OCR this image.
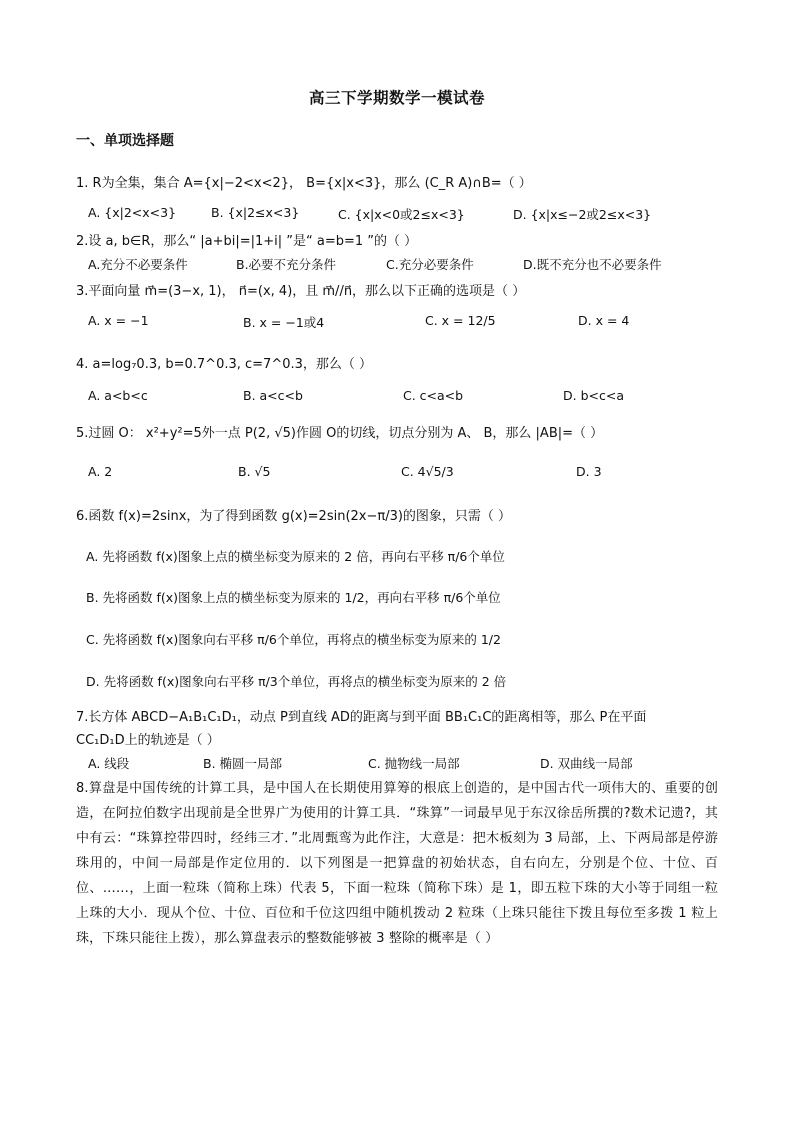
高三下学期数学一模试卷
一、单项选择题
1. R为全集，集合 A={x|−2<x<2}， B={x|x<3}，那么 (C_R A)∩B=（ ）
A. {x|2<x<3}	B. {x|2≤x<3}	C. {x|x<0或2≤x<3}	D. {x|x≤−2或2≤x<3}
2.设 a, b∈R，那么“ |a+bi|=|1+i| ”是“ a=b=1 ”的（ ）
A.充分不必要条件	B.必要不充分条件	C.充分必要条件	D.既不充分也不必要条件
3.平面向量 m⃗=(3−x, 1)， n⃗=(x, 4)，且 m⃗//n⃗，那么以下正确的选项是（ ）
A. x = −1	B. x = −1或4	C. x = 12/5	D. x = 4
4. a=log₇0.3, b=0.7^0.3, c=7^0.3，那么（ ）
A. a<b<c	B. a<c<b	C. c<a<b	D. b<c<a
5.过圆 O： x²+y²=5外一点 P(2, √5)作圆 O的切线，切点分别为 A、 B，那么 |AB|=（ ）
A. 2	B. √5	C. 4√5/3	D. 3
6.函数 f(x)=2sinx，为了得到函数 g(x)=2sin(2x−π/3)的图象，只需（ ）
A. 先将函数 f(x)图象上点的横坐标变为原来的 2 倍，再向右平移 π/6个单位
B. 先将函数 f(x)图象上点的横坐标变为原来的 1/2，再向右平移 π/6个单位
C. 先将函数 f(x)图象向右平移 π/6个单位，再将点的横坐标变为原来的 1/2
D. 先将函数 f(x)图象向右平移 π/3个单位，再将点的横坐标变为原来的 2 倍
7.长方体 ABCD−A₁B₁C₁D₁，动点 P到直线 AD的距离与到平面 BB₁C₁C的距离相等，那么 P在平面
CC₁D₁D上的轨迹是（ ）
A. 线段	B. 椭圆一局部	C. 抛物线一局部	D. 双曲线一局部
8.算盘是中国传统的计算工具，是中国人在长期使用算筹的根底上创造的，是中国古代一项伟大的、重要的创造，在阿拉伯数字出现前是全世界广为使用的计算工具．“珠算”一词最早见于东汉徐岳所撰的?数术记遗?，其中有云：“珠算控带四时，经纬三才．”北周甄鸾为此作注，大意是：把木板刻为 3 局部，上、下两局部是停游珠用的，中间一局部是作定位用的．以下列图是一把算盘的初始状态，自右向左，分别是个位、十位、百位、……，上面一粒珠（简称上珠）代表 5，下面一粒珠（简称下珠）是 1，即五粒下珠的大小等于同组一粒上珠的大小．现从个位、十位、百位和千位这四组中随机拨动 2 粒珠（上珠只能往下拨且每位至多拨 1 粒上珠，下珠只能往上拨），那么算盘表示的整数能够被 3 整除的概率是（ ）
